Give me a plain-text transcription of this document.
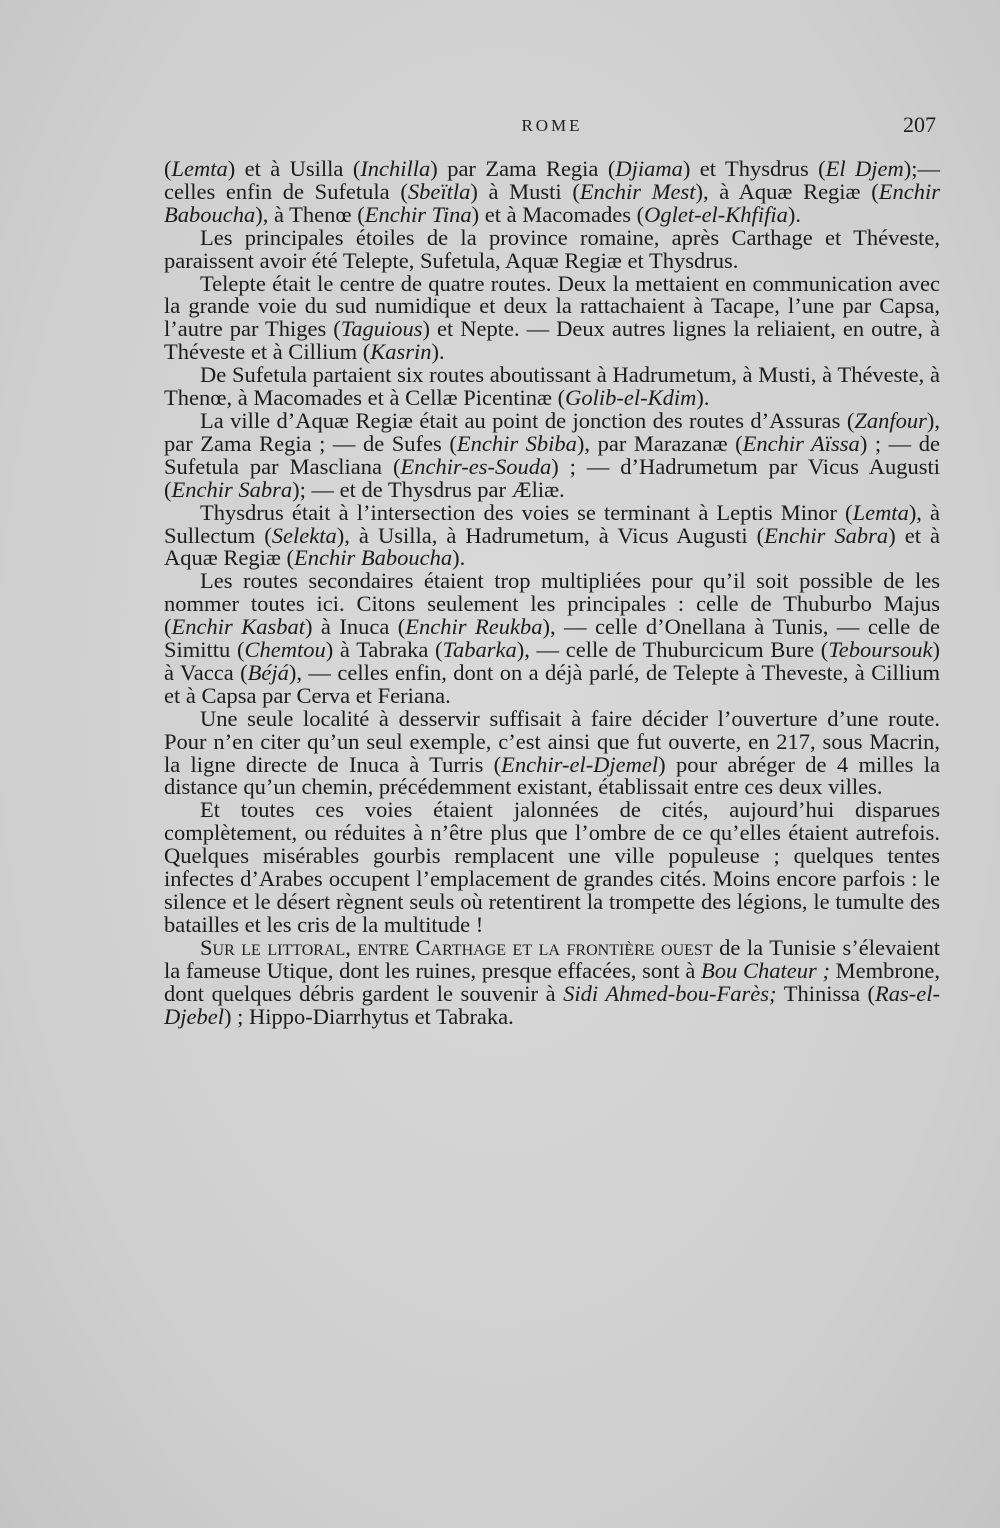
ROME	207

(Lemta) et à Usilla (Inchilla) par Zama Regia (Djiama) et Thysdrus (El Djem);— celles enfin de Sufetula (Sbeïtla) à Musti (Enchir Mest), à Aquæ Regiæ (Enchir Baboucha), à Thenœ (Enchir Tina) et à Macomades (Oglet-el-Khfifia).

Les principales étoiles de la province romaine, après Carthage et Théveste, paraissent avoir été Telepte, Sufetula, Aquæ Regiæ et Thysdrus.

Telepte était le centre de quatre routes. Deux la mettaient en communication avec la grande voie du sud numidique et deux la rattachaient à Tacape, l’une par Capsa, l’autre par Thiges (Taguious) et Nepte. — Deux autres lignes la reliaient, en outre, à Théveste et à Cillium (Kasrin).

De Sufetula partaient six routes aboutissant à Hadrumetum, à Musti, à Théveste, à Thenœ, à Macomades et à Cellæ Picentinæ (Golib-el-Kdim).

La ville d’Aquæ Regiæ était au point de jonction des routes d’Assuras (Zanfour), par Zama Regia ; — de Sufes (Enchir Sbiba), par Marazanæ (Enchir Aïssa) ; — de Sufetula par Masclianа (Enchir-es-Souda) ; — d’Hadrumetum par Vicus Augusti (Enchir Sabra); — et de Thysdrus par Æliæ.

Thysdrus était à l’intersection des voies se terminant à Leptis Minor (Lemta), à Sullectum (Selekta), à Usilla, à Hadrumetum, à Vicus Augusti (Enchir Sabra) et à Aquæ Regiæ (Enchir Baboucha).

Les routes secondaires étaient trop multipliées pour qu’il soit possible de les nommer toutes ici. Citons seulement les principales : celle de Thuburbo Majus (Enchir Kasbat) à Inuca (Enchir Reukba), — celle d’Onellana à Tunis, — celle de Simittu (Chemtou) à Tabraka (Tabarka), — celle de Thuburcicum Bure (Teboursouk) à Vacca (Béjá), — celles enfin, dont on a déjà parlé, de Telepte à Theveste, à Cillium et à Capsa par Cerva et Feriana.

Une seule localité à desservir suffisait à faire décider l’ouverture d’une route. Pour n’en citer qu’un seul exemple, c’est ainsi que fut ouverte, en 217, sous Macrin, la ligne directe de Inuca à Turris (Enchir-el-Djemel) pour abréger de 4 milles la distance qu’un chemin, précédemment existant, établissait entre ces deux villes.

Et toutes ces voies étaient jalonnées de cités, aujourd’hui disparues complètement, ou réduites à n’être plus que l’ombre de ce qu’elles étaient autrefois. Quelques misérables gourbis remplacent une ville populeuse ; quelques tentes infectes d’Arabes occupent l’emplacement de grandes cités. Moins encore parfois : le silence et le désert règnent seuls où retentirent la trompette des légions, le tumulte des batailles et les cris de la multitude !

Sur le littoral, entre Carthage et la frontière ouest de la Tunisie s’élevaient la fameuse Utique, dont les ruines, presque effacées, sont à Bou Chateur ; Membrone, dont quelques débris gardent le souvenir à Sidi Ahmed-bou-Farès; Thinissa (Ras-el-Djebel) ; Hippo-Diarrhytus et Tabraka.
